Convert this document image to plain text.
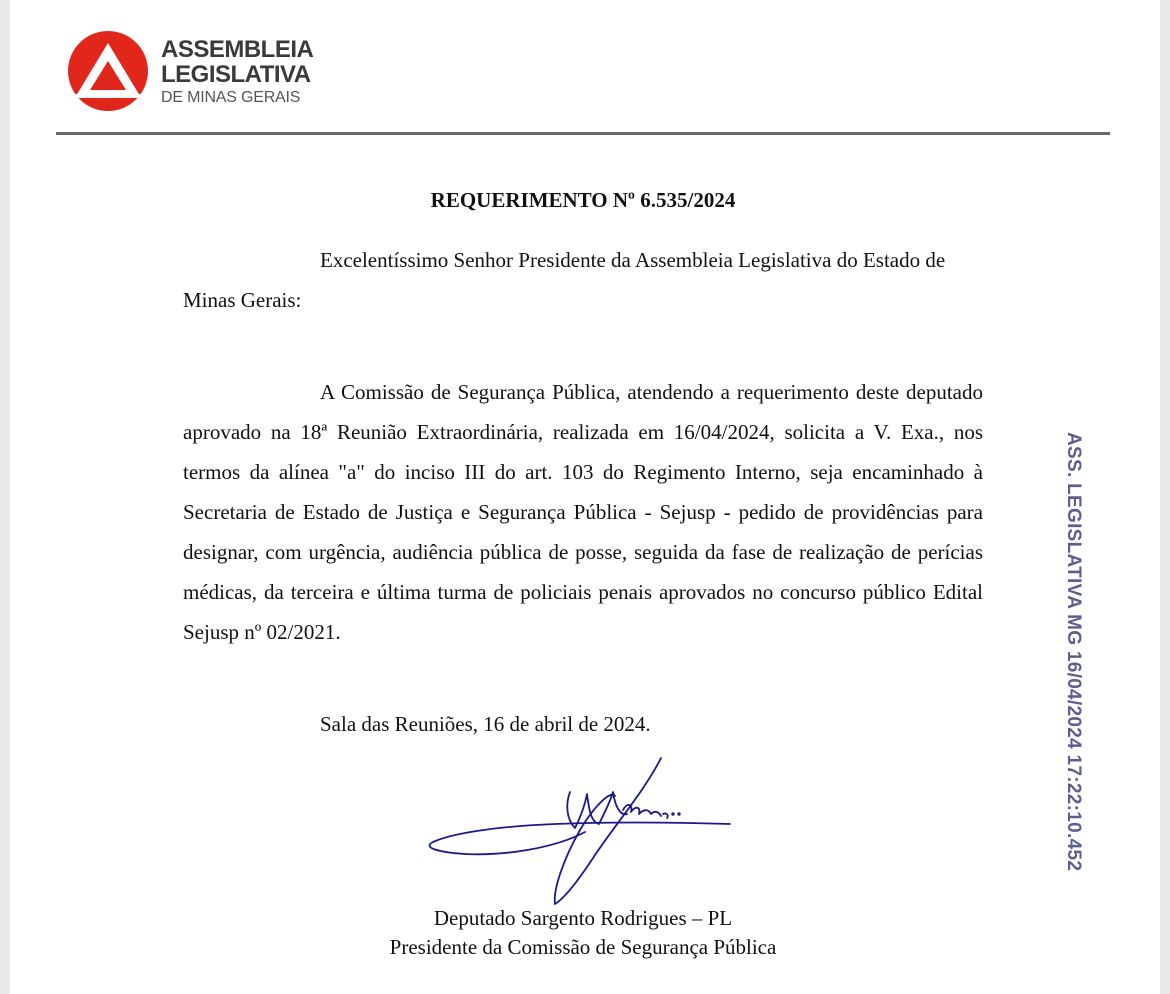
ASSEMBLEIA
LEGISLATIVA
DE MINAS GERAIS
REQUERIMENTO Nº 6.535/2024

Excelentíssimo Senhor Presidente da Assembleia Legislativa do Estado de Minas Gerais:

A Comissão de Segurança Pública, atendendo a requerimento deste deputado aprovado na 18ª Reunião Extraordinária, realizada em 16/04/2024, solicita a V. Exa., nos termos da alínea "a" do inciso III do art. 103 do Regimento Interno, seja encaminhado à Secretaria de Estado de Justiça e Segurança Pública - Sejusp - pedido de providências para designar, com urgência, audiência pública de posse, seguida da fase de realização de perícias médicas, da terceira e última turma de policiais penais aprovados no concurso público Edital Sejusp nº 02/2021.

Sala das Reuniões, 16 de abril de 2024.
Deputado Sargento Rodrigues – PL
Presidente da Comissão de Segurança Pública
ASS. LEGISLATIVA MG 16/04/2024 17:22:10.452
